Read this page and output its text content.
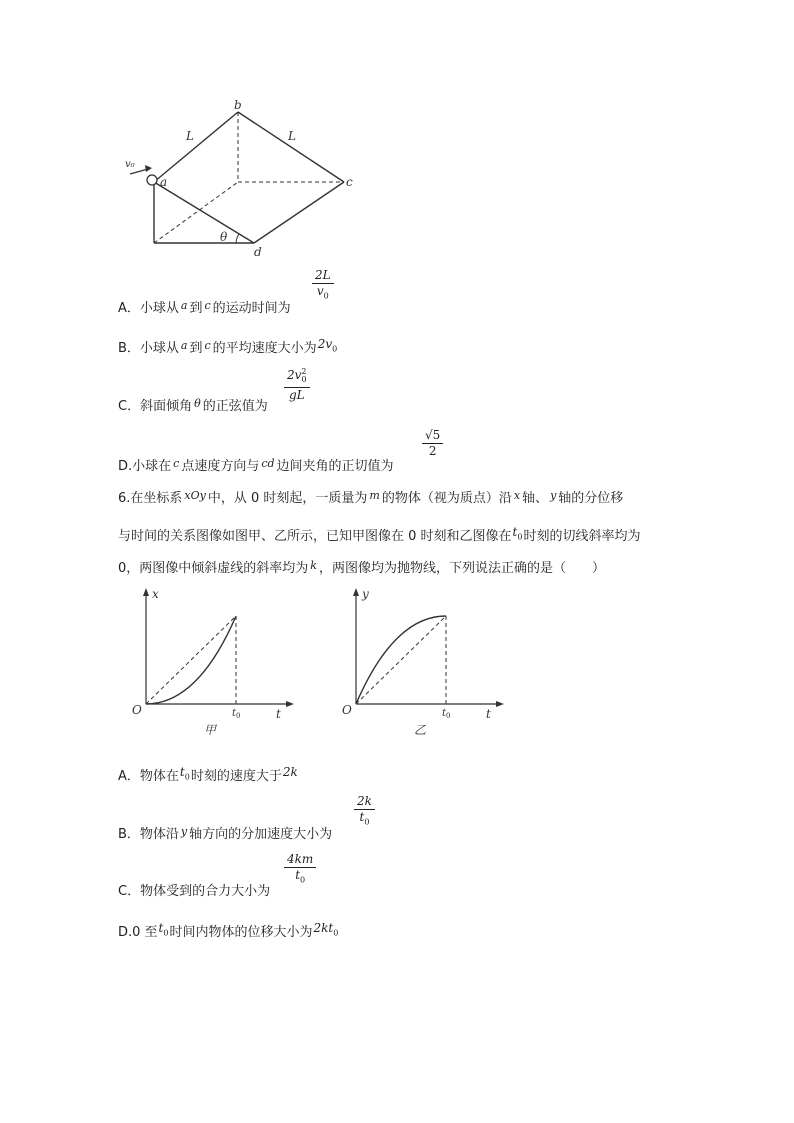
v₀
a
b
c
d
L	L
θ
$\frac{2L}{v_0}$
A．小球从 $^a$ 到 $^c$ 的运动时间为
B．小球从 $^a$ 到 $^c$ 的平均速度大小为$2v_0$
$\frac{2v^2_0}{gL}$
C．斜面倾角 $^\theta$ 的正弦值为
$\frac{√5}{2}$
D.小球在 $^c$ 点速度方向与 $^{cd}$ 边间夹角的正切值为
6.在坐标系 $^{xOy}$ 中，从 0 时刻起，一质量为 $^m$ 的物体（视为质点）沿 $^x$ 轴、 $^y$ 轴的分位移
与时间的关系图像如图甲、乙所示，已知甲图像在 0 时刻和乙图像在$t_0$时刻的切线斜率均为
0，两图像中倾斜虚线的斜率均为 $^k$ ，两图像均为抛物线，下列说法正确的是（　　）
x
t
O	$t_0$
甲
y
t
O	$t_0$
乙
A．物体在$t_0$时刻的速度大于2k
$\frac{2k}{t_0}$
B．物体沿 $^y$ 轴方向的分加速度大小为
$\frac{4km}{t_0}$
C．物体受到的合力大小为
D.0 至$t_0$时间内物体的位移大小为$2kt_0$
